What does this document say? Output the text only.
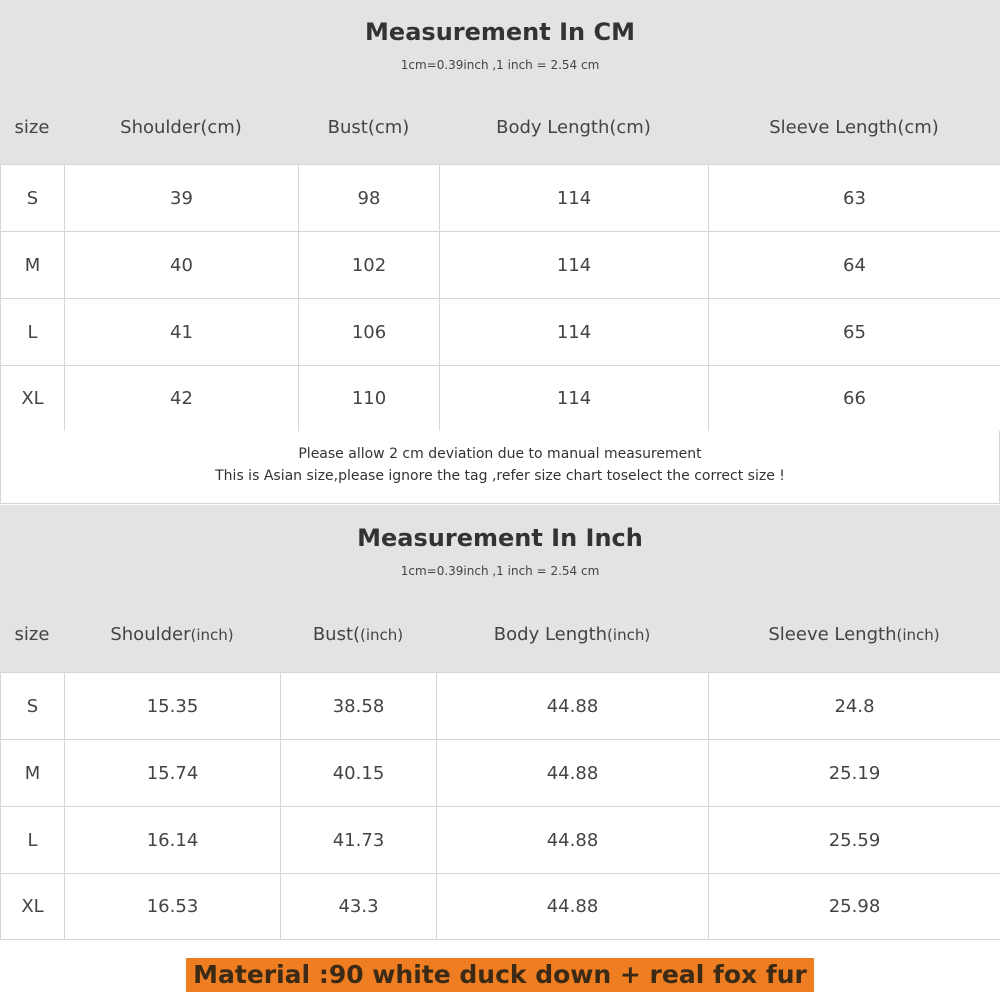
Measurement In CM
1cm=0.39inch ,1 inch = 2.54 cm
size	Shoulder(cm)	Bust(cm)	Body Length(cm)	Sleeve Length(cm)
S	39	98	114	63
M	40	102	114	64
L	41	106	114	65
XL	42	110	114	66
Please allow 2 cm deviation due to manual measurement
This is Asian size,please ignore the tag ,refer size chart toselect the correct size !
Measurement In Inch
1cm=0.39inch ,1 inch = 2.54 cm
size	Shoulder(inch)	Bust((inch)	Body Length(inch)	Sleeve Length(inch)
S	15.35	38.58	44.88	24.8
M	15.74	40.15	44.88	25.19
L	16.14	41.73	44.88	25.59
XL	16.53	43.3	44.88	25.98
Material :90 white duck down + real fox fur
